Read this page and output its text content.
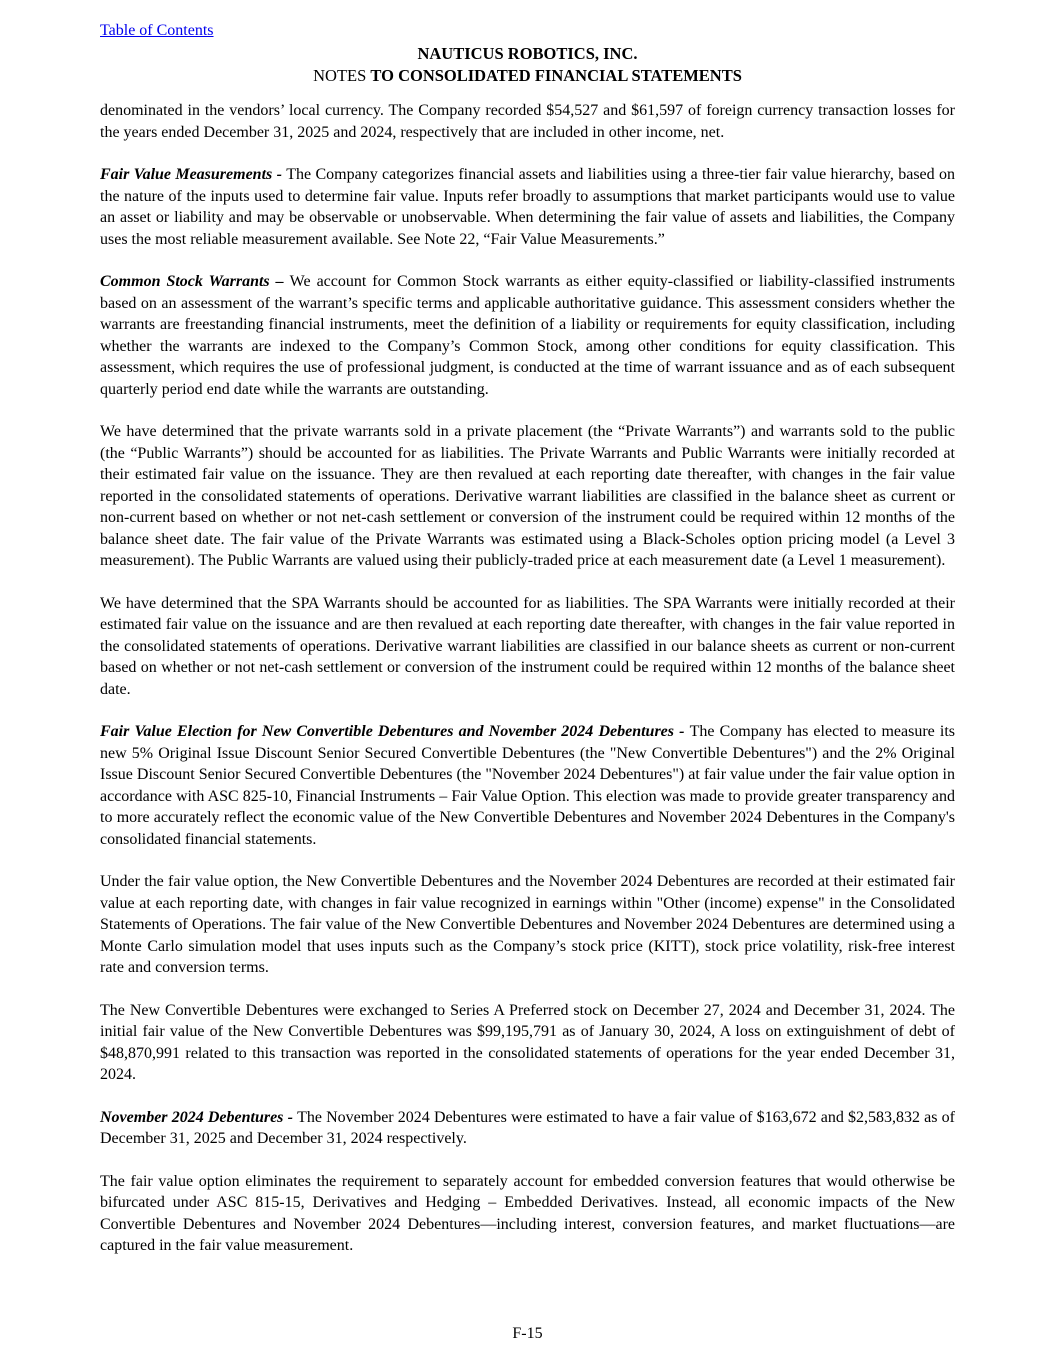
Table of Contents
NAUTICUS ROBOTICS, INC.
NOTES TO CONSOLIDATED FINANCIAL STATEMENTS

denominated in the vendors’ local currency. The Company recorded $54,527 and $61,597 of foreign currency transaction losses for the years ended December 31, 2025 and 2024, respectively that are included in other income, net.

Fair Value Measurements - The Company categorizes financial assets and liabilities using a three-tier fair value hierarchy, based on the nature of the inputs used to determine fair value. Inputs refer broadly to assumptions that market participants would use to value an asset or liability and may be observable or unobservable. When determining the fair value of assets and liabilities, the Company uses the most reliable measurement available. See Note 22, “Fair Value Measurements.”

Common Stock Warrants – We account for Common Stock warrants as either equity-classified or liability-classified instruments based on an assessment of the warrant’s specific terms and applicable authoritative guidance. This assessment considers whether the warrants are freestanding financial instruments, meet the definition of a liability or requirements for equity classification, including whether the warrants are indexed to the Company’s Common Stock, among other conditions for equity classification. This assessment, which requires the use of professional judgment, is conducted at the time of warrant issuance and as of each subsequent quarterly period end date while the warrants are outstanding.

We have determined that the private warrants sold in a private placement (the “Private Warrants”) and warrants sold to the public (the “Public Warrants”) should be accounted for as liabilities. The Private Warrants and Public Warrants were initially recorded at their estimated fair value on the issuance. They are then revalued at each reporting date thereafter, with changes in the fair value reported in the consolidated statements of operations. Derivative warrant liabilities are classified in the balance sheet as current or non-current based on whether or not net-cash settlement or conversion of the instrument could be required within 12 months of the balance sheet date. The fair value of the Private Warrants was estimated using a Black-Scholes option pricing model (a Level 3 measurement). The Public Warrants are valued using their publicly-traded price at each measurement date (a Level 1 measurement).

We have determined that the SPA Warrants should be accounted for as liabilities. The SPA Warrants were initially recorded at their estimated fair value on the issuance and are then revalued at each reporting date thereafter, with changes in the fair value reported in the consolidated statements of operations. Derivative warrant liabilities are classified in our balance sheets as current or non-current based on whether or not net-cash settlement or conversion of the instrument could be required within 12 months of the balance sheet date.

Fair Value Election for New Convertible Debentures and November 2024 Debentures - The Company has elected to measure its new 5% Original Issue Discount Senior Secured Convertible Debentures (the "New Convertible Debentures") and the 2% Original Issue Discount Senior Secured Convertible Debentures (the "November 2024 Debentures") at fair value under the fair value option in accordance with ASC 825-10, Financial Instruments – Fair Value Option. This election was made to provide greater transparency and to more accurately reflect the economic value of the New Convertible Debentures and November 2024 Debentures in the Company's consolidated financial statements.

Under the fair value option, the New Convertible Debentures and the November 2024 Debentures are recorded at their estimated fair value at each reporting date, with changes in fair value recognized in earnings within "Other (income) expense" in the Consolidated Statements of Operations. The fair value of the New Convertible Debentures and November 2024 Debentures are determined using a Monte Carlo simulation model that uses inputs such as the Company’s stock price (KITT), stock price volatility, risk-free interest rate and conversion terms.

The New Convertible Debentures were exchanged to Series A Preferred stock on December 27, 2024 and December 31, 2024. The initial fair value of the New Convertible Debentures was $99,195,791 as of January 30, 2024, A loss on extinguishment of debt of $48,870,991 related to this transaction was reported in the consolidated statements of operations for the year ended December 31, 2024.

November 2024 Debentures - The November 2024 Debentures were estimated to have a fair value of $163,672 and $2,583,832 as of December 31, 2025 and December 31, 2024 respectively.

The fair value option eliminates the requirement to separately account for embedded conversion features that would otherwise be bifurcated under ASC 815-15, Derivatives and Hedging – Embedded Derivatives. Instead, all economic impacts of the New Convertible Debentures and November 2024 Debentures—including interest, conversion features, and market fluctuations—are captured in the fair value measurement.

F-15
